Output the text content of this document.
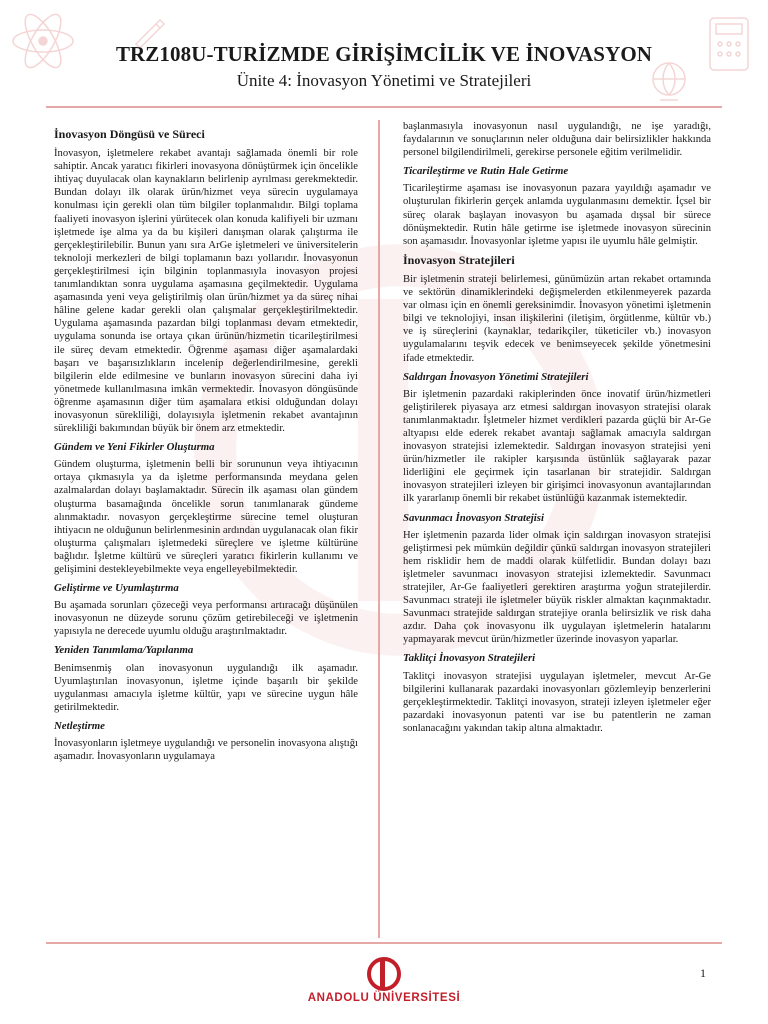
TRZ108U-TURİZMDE GİRİŞİMCİLİK VE İNOVASYON
Ünite 4: İnovasyon Yönetimi ve Stratejileri
İnovasyon Döngüsü ve Süreci

İnovasyon, işletmelere rekabet avantajı sağlamada önemli bir role sahiptir. Ancak yaratıcı fikirleri inovasyona dönüştürmek için öncelikle ihtiyaç duyulacak olan kaynakların belirlenip ayrılması gerekmektedir. Bundan dolayı ilk olarak ürün/hizmet veya sürecin uygulamaya konulması için gerekli olan tüm bilgiler toplanmalıdır. Bilgi toplama faaliyeti inovasyon işlerini yürütecek olan konuda kalifiyeli bir uzmanı işletmede işe alma ya da bu kişileri danışman olarak çalıştırma ile gerçekleştirilebilir. Bunun yanı sıra ArGe işletmeleri ve üniversitelerin teknoloji merkezleri de bilgi toplamanın bazı yollarıdır. İnovasyonun gerçekleştirilmesi için bilginin toplanmasıyla inovasyon projesi tanımlandıktan sonra uygulama aşamasına geçilmektedir. Uygulama aşamasında yeni veya geliştirilmiş olan ürün/hizmet ya da süreç nihai hâline gelene kadar gerekli olan çalışmalar gerçekleştirilmektedir. Uygulama aşamasında pazardan bilgi toplanması devam etmektedir, uygulama sonunda ise ortaya çıkan ürünün/hizmetin ticarileştirilmesi ile süreç devam etmektedir. Öğrenme aşaması diğer aşamalardaki başarı ve başarısızlıkların incelenip değerlendirilmesine, gerekli bilgilerin elde edilmesine ve bunların inovasyon sürecini daha iyi yönetmede kullanılmasına imkân vermektedir. İnovasyon döngüsünde öğrenme aşamasının diğer tüm aşamalara etkisi olduğundan dolayı inovasyonun sürekliliği, dolayısıyla işletmenin rekabet avantajının sürekliliği bakımından büyük bir önem arz etmektedir.

Gündem ve Yeni Fikirler Oluşturma

Gündem oluşturma, işletmenin belli bir sorununun veya ihtiyacının ortaya çıkmasıyla ya da işletme performansında meydana gelen azalmalardan dolayı başlamaktadır. Sürecin ilk aşaması olan gündem oluşturma basamağında öncelikle sorun tanımlanarak gündeme alınmaktadır. novasyon gerçekleştirme sürecine temel oluşturan ihtiyacın ne olduğunun belirlenmesinin ardından uygulanacak olan fikir oluşturma çalışmaları işletmedeki süreçlere ve işletme kültürüne bağlıdır. İşletme kültürü ve süreçleri yaratıcı fikirlerin kullanımı ve gelişimini destekleyebilmekte veya engelleyebilmektedir.

Geliştirme ve Uyumlaştırma

Bu aşamada sorunları çözeceği veya performansı artıracağı düşünülen inovasyonun ne düzeyde sorunu çözüm getirebileceği ve işletmenin yapısıyla ne derecede uyumlu olduğu araştırılmaktadır.

Yeniden Tanımlama/Yapılanma

Benimsenmiş olan inovasyonun uygulandığı ilk aşamadır. Uyumlaştırılan inovasyonun, işletme içinde başarılı bir şekilde uygulanması amacıyla işletme kültür, yapı ve sürecine uygun hâle getirilmektedir.

Netleştirme

İnovasyonların işletmeye uygulandığı ve personelin inovasyona alıştığı aşamadır. İnovasyonların uygulamaya

başlanmasıyla inovasyonun nasıl uygulandığı, ne işe yaradığı, faydalarının ve sonuçlarının neler olduğuna dair belirsizlikler hakkında personel bilgilendirilmeli, gerekirse personele eğitim verilmelidir.

Ticarileştirme ve Rutin Hale Getirme

Ticarileştirme aşaması ise inovasyonun pazara yayıldığı aşamadır ve oluşturulan fikirlerin gerçek anlamda uygulanmasını demektir. İçsel bir süreç olarak başlayan inovasyon bu aşamada dışsal bir sürece dönüşmektedir. Rutin hâle getirme ise işletmede inovasyon sürecinin son aşamasıdır. İnovasyonlar işletme yapısı ile uyumlu hâle gelmiştir.

İnovasyon Stratejileri

Bir işletmenin strateji belirlemesi, günümüzün artan rekabet ortamında ve sektörün dinamiklerindeki değişmelerden etkilenmeyerek pazarda var olması için en önemli gereksinimdir. İnovasyon yönetimi işletmenin bilgi ve teknolojiyi, insan ilişkilerini (iletişim, örgütlenme, kültür vb.) ve iş süreçlerini (kaynaklar, tedarikçiler, tüketiciler vb.) inovasyon uygulamalarını teşvik edecek ve benimseyecek şekilde yönetmesini ifade etmektedir.

Saldırgan İnovasyon Yönetimi Stratejileri

Bir işletmenin pazardaki rakiplerinden önce inovatif ürün/hizmetleri geliştirilerek piyasaya arz etmesi saldırgan inovasyon stratejisi olarak tanımlanmaktadır. İşletmeler hizmet verdikleri pazarda güçlü bir Ar-Ge altyapısı elde ederek rekabet avantajı sağlamak amacıyla saldırgan inovasyon stratejisi izlemektedir. Saldırgan inovasyon stratejisi yeni ürün/hizmetler ile rakipler karşısında üstünlük sağlayarak pazar liderliğini ele geçirmek için tasarlanan bir stratejidir. Saldırgan inovasyon stratejileri izleyen bir girişimci inovasyonun avantajlarından ilk yararlanıp önemli bir rekabet üstünlüğü kazanmak istemektedir.

Savunmacı İnovasyon Stratejisi

Her işletmenin pazarda lider olmak için saldırgan inovasyon stratejisi geliştirmesi pek mümkün değildir çünkü saldırgan inovasyon stratejileri hem risklidir hem de maddi olarak külfetlidir. Bundan dolayı bazı işletmeler savunmacı inovasyon stratejisi izlemektedir. Savunmacı stratejiler, Ar-Ge faaliyetleri gerektiren araştırma yoğun stratejilerdir. Savunmacı strateji ile işletmeler büyük riskler almaktan kaçınmaktadır. Savunmacı stratejide saldırgan stratejiye oranla belirsizlik ve risk daha azdır. Daha çok inovasyonu ilk uygulayan işletmelerin hatalarını yapmayarak mevcut ürün/hizmetler üzerinde inovasyon yaparlar.

Taklitçi İnovasyon Stratejileri

Taklitçi inovasyon stratejisi uygulayan işletmeler, mevcut Ar-Ge bilgilerini kullanarak pazardaki inovasyonları gözlemleyip benzerlerini gerçekleştirmektedir. Taklitçi inovasyon, strateji izleyen işletmeler eğer pazardaki inovasyonun patenti var ise bu patentlerin ne zaman sonlanacağını yakından takip altına almaktadır.

1
ANADOLU ÜNİVERSİTESİ
